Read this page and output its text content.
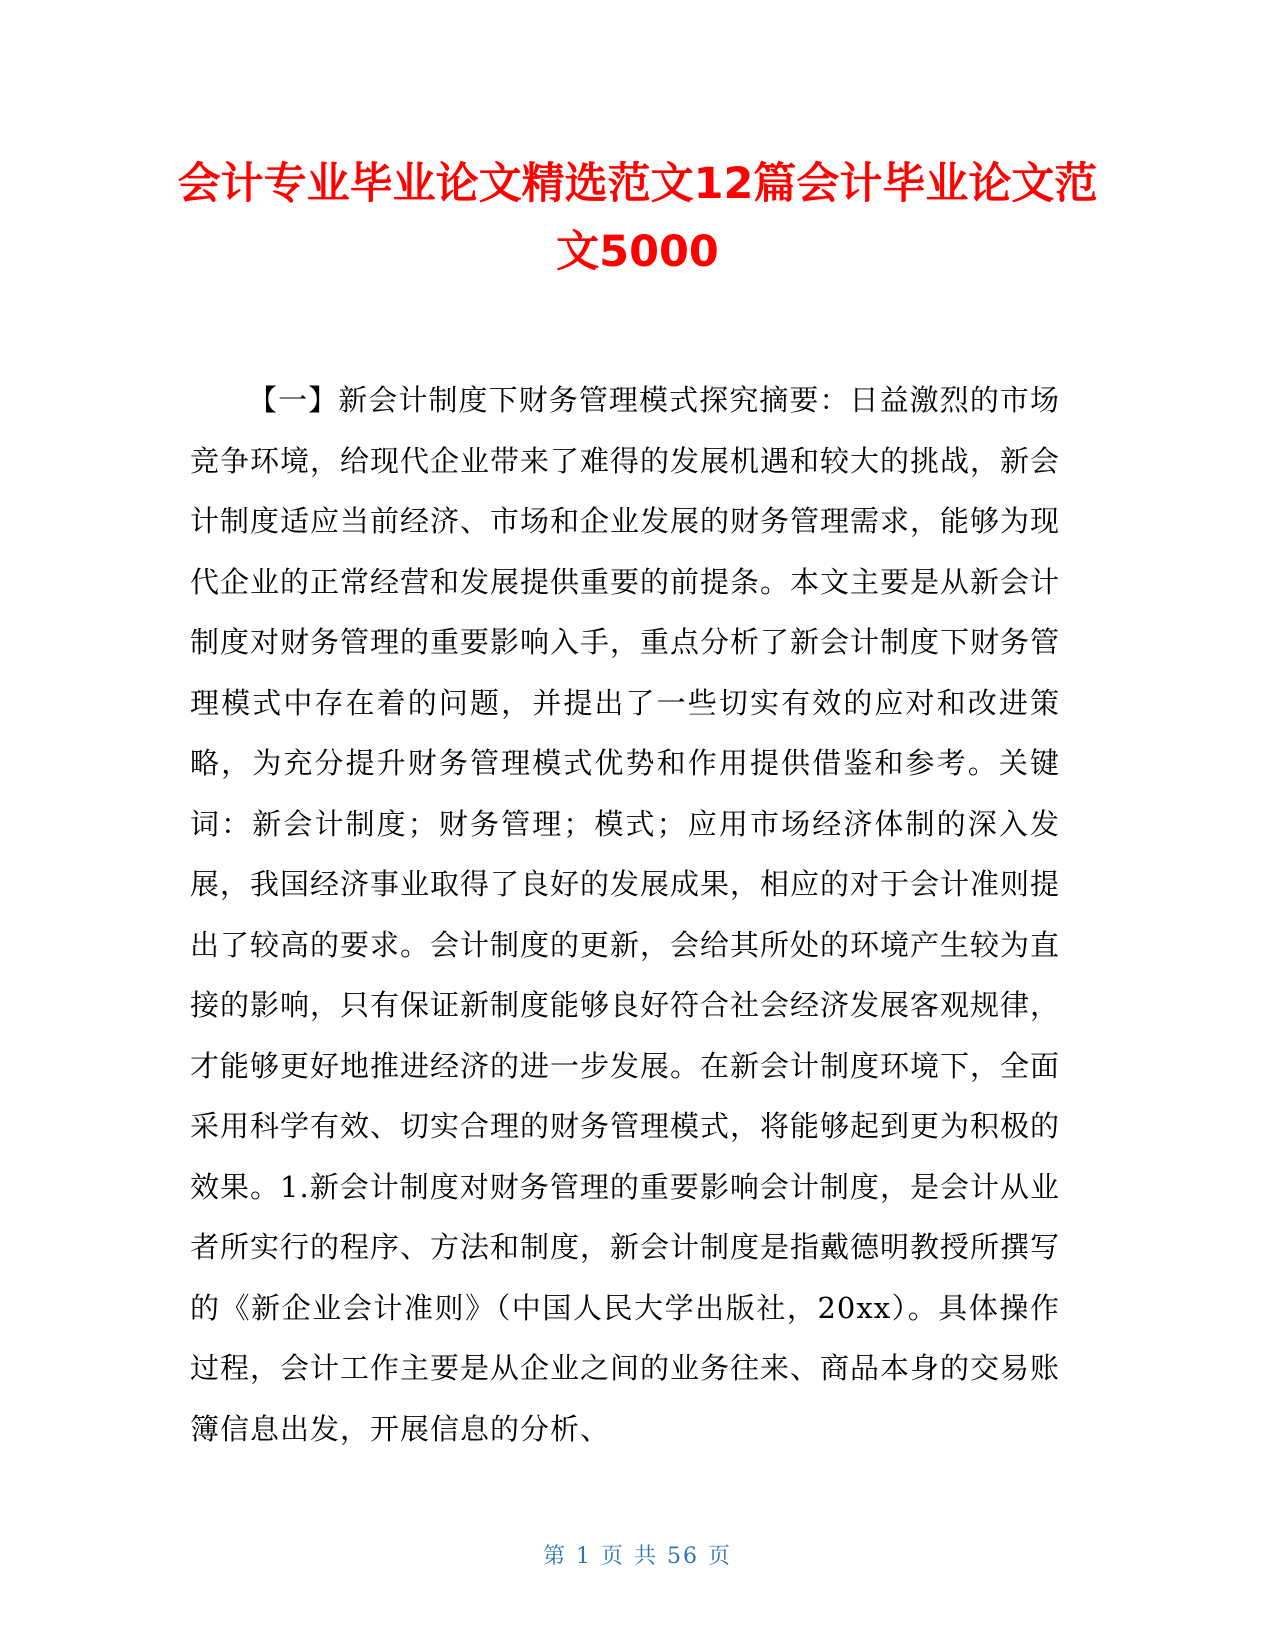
会计专业毕业论文精选范文12篇会计毕业论文范文5000

【一】新会计制度下财务管理模式探究摘要：日益激烈的市场竞争环境，给现代企业带来了难得的发展机遇和较大的挑战，新会计制度适应当前经济、市场和企业发展的财务管理需求，能够为现代企业的正常经营和发展提供重要的前提条。本文主要是从新会计制度对财务管理的重要影响入手，重点分析了新会计制度下财务管理模式中存在着的问题，并提出了一些切实有效的应对和改进策略，为充分提升财务管理模式优势和作用提供借鉴和参考。关键词：新会计制度；财务管理；模式；应用市场经济体制的深入发展，我国经济事业取得了良好的发展成果，相应的对于会计准则提出了较高的要求。会计制度的更新，会给其所处的环境产生较为直接的影响，只有保证新制度能够良好符合社会经济发展客观规律，才能够更好地推进经济的进一步发展。在新会计制度环境下，全面采用科学有效、切实合理的财务管理模式，将能够起到更为积极的效果。1.新会计制度对财务管理的重要影响会计制度，是会计从业者所实行的程序、方法和制度，新会计制度是指戴德明教授所撰写的《新企业会计准则》（中国人民大学出版社，20xx）。具体操作过程，会计工作主要是从企业之间的业务往来、商品本身的交易账簿信息出发，开展信息的分析、

第 1 页 共 56 页
